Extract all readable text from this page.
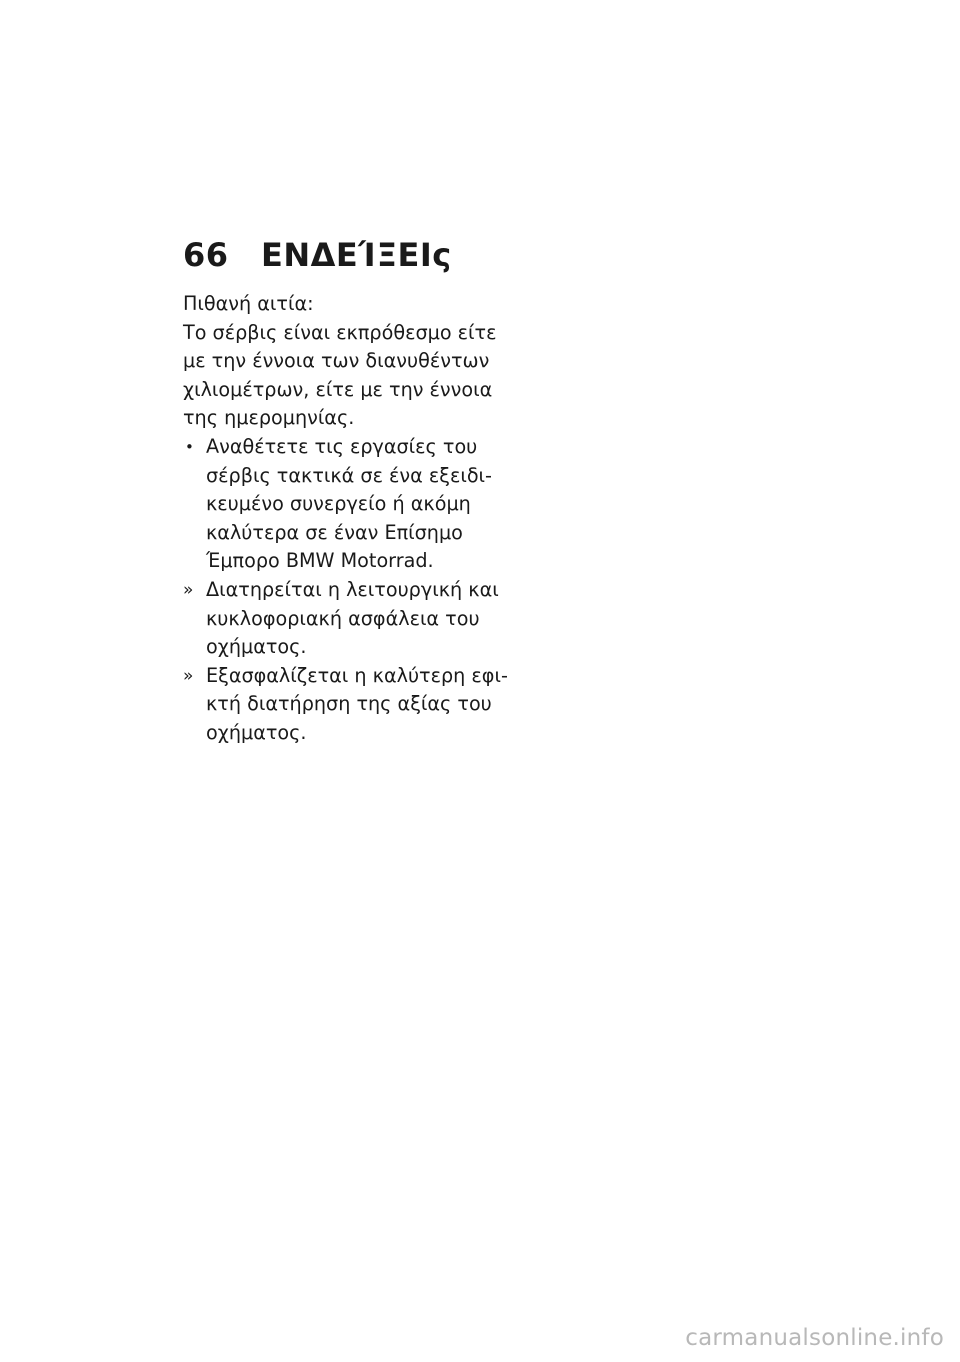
66	ΕΝΔΕΊΞΕΙς

Πιθανή αιτία:

Το σέρβις είναι εκπρόθεσμο είτε
με την έννοια των διανυθέντων
χιλιομέτρων, είτε με την έννοια
της ημερομηνίας.
• Αναθέτετε τις εργασίες του
σέρβις τακτικά σε ένα εξειδι-
κευμένο συνεργείο ή ακόμη
καλύτερα σε έναν Επίσημο
Έμπορο BMW Motorrad.
» Διατηρείται η λειτουργική και
κυκλοφοριακή ασφάλεια του
οχήματος.
» Εξασφαλίζεται η καλύτερη εφι-
κτή διατήρηση της αξίας του
οχήματος.
carmanualsonline.info
